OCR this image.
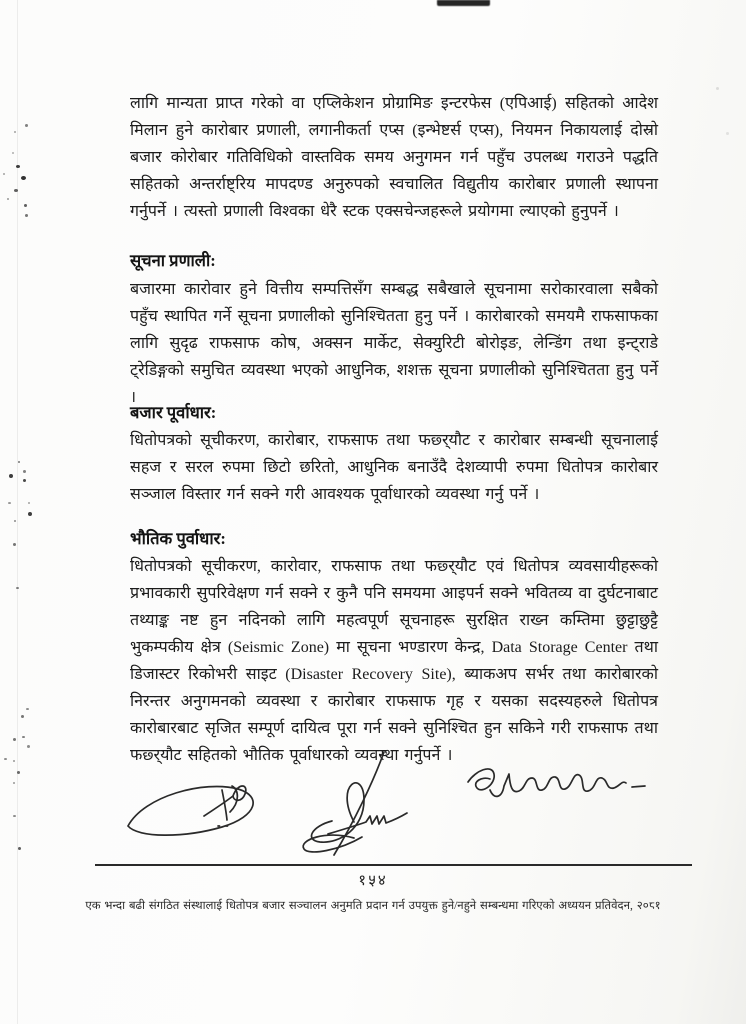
लागि मान्यता प्राप्त गरेको वा एप्लिकेशन प्रोग्रामिङ इन्टरफेस (एपिआई) सहितको आदेश मिलान हुने कारोबार प्रणाली, लगानीकर्ता एप्स (इन्भेष्टर्स एप्स), नियमन निकायलाई दोस्रो बजार कोरोबार गतिविधिको वास्तविक समय अनुगमन गर्न पहुँच उपलब्ध गराउने पद्धति सहितको अन्तर्राष्ट्रिय मापदण्ड अनुरुपको स्वचालित विद्युतीय कारोबार प्रणाली स्थापना गर्नुपर्ने । त्यस्तो प्रणाली विश्वका धेरै स्टक एक्सचेन्जहरूले प्रयोगमा ल्याएको हुनुपर्ने ।

सूचना प्रणाली:

बजारमा कारोवार हुने वित्तीय सम्पत्तिसँग सम्बद्ध सबैखाले सूचनामा सरोकारवाला सबैको पहुँच स्थापित गर्ने सूचना प्रणालीको सुनिश्चितता हुनु पर्ने । कारोबारको समयमै राफसाफका लागि सुदृढ राफसाफ कोष, अक्सन मार्केट, सेक्युरिटी बोरोइङ, लेन्डिंग तथा इन्ट्राडे ट्रेडिङ्गको समुचित व्यवस्था भएको आधुनिक, शशक्त सूचना प्रणालीको सुनिश्चितता हुनु पर्ने ।

बजार पूर्वाधार:

धितोपत्रको सूचीकरण, कारोबार, राफसाफ तथा फछ्र्यौट र कारोबार सम्बन्धी सूचनालाई सहज र सरल रुपमा छिटो छरितो, आधुनिक बनाउँदै देशव्यापी रुपमा धितोपत्र कारोबार सञ्जाल विस्तार गर्न सक्ने गरी आवश्यक पूर्वाधारको व्यवस्था गर्नु पर्ने ।

भौतिक पुर्वाधार:

धितोपत्रको सूचीकरण, कारोवार, राफसाफ तथा फछ्र्यौट एवं धितोपत्र व्यवसायीहरूको प्रभावकारी सुपरिवेक्षण गर्न सक्ने र कुनै पनि समयमा आइपर्न सक्ने भवितव्य वा दुर्घटनाबाट तथ्याङ्क नष्ट हुन नदिनको लागि महत्वपूर्ण सूचनाहरू सुरक्षित राख्न कम्तिमा छुट्टाछुट्टै भुकम्पकीय क्षेत्र (Seismic Zone) मा सूचना भण्डारण केन्द्र, Data Storage Center तथा डिजास्टर रिकोभरी साइट (Disaster Recovery Site), ब्याकअप सर्भर तथा कारोबारको निरन्तर अनुगमनको व्यवस्था र कारोबार राफसाफ गृह र यसका सदस्यहरुले धितोपत्र कारोबारबाट सृजित सम्पूर्ण दायित्व पूरा गर्न सक्ने सुनिश्चित हुन सकिने गरी राफसाफ तथा फछ्र्यौट सहितको भौतिक पूर्वाधारको व्यवस्था गर्नुपर्ने ।

१५४
एक भन्दा बढी संगठित संस्थालाई धितोपत्र बजार सञ्चालन अनुमति प्रदान गर्न उपयुक्त हुने/नहुने सम्बन्धमा गरिएको अध्ययन प्रतिवेदन, २०८१
